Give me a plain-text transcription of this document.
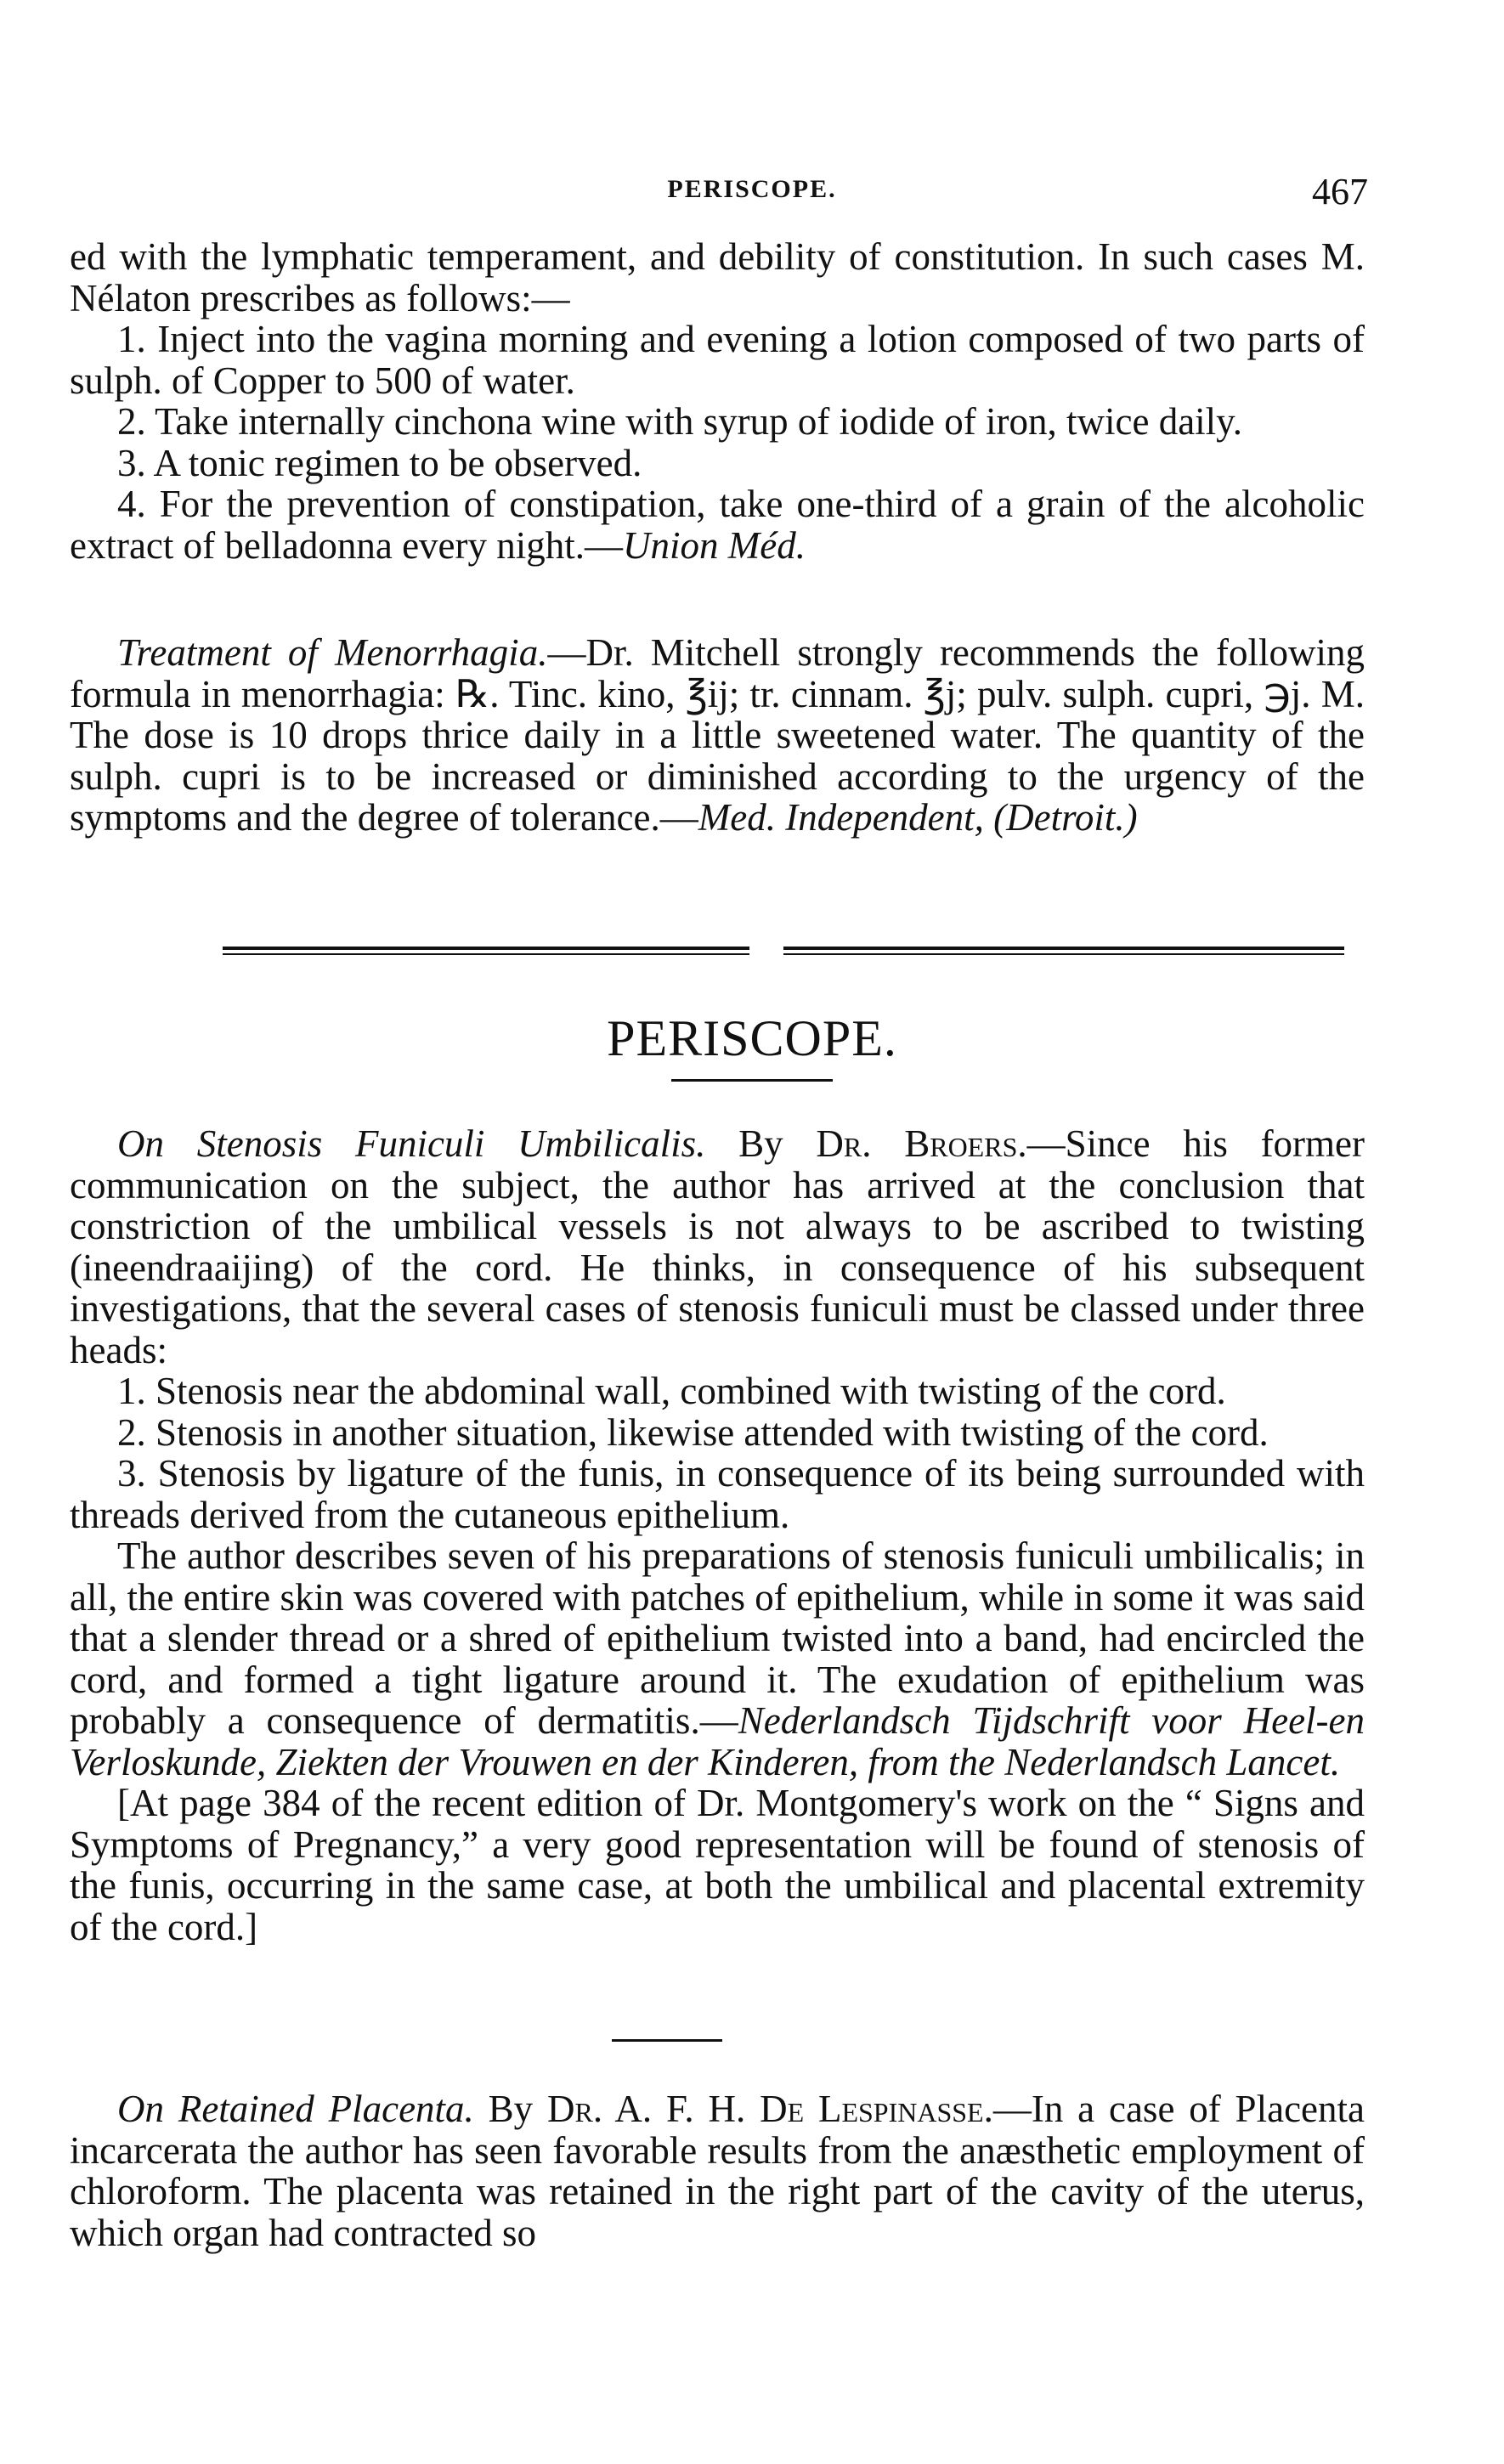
PERISCOPE.	467

ed with the lymphatic temperament, and debility of constitution. In such cases M. Nélaton prescribes as follows:—

1. Inject into the vagina morning and evening a lotion composed of two parts of sulph. of Copper to 500 of water.

2. Take internally cinchona wine with syrup of iodide of iron, twice daily.

3. A tonic regimen to be observed.

4. For the prevention of constipation, take one-third of a grain of the alcoholic extract of belladonna every night.—Union Méd.

Treatment of Menorrhagia.—Dr. Mitchell strongly recommends the following formula in menorrhagia: ℞. Tinc. kino, ℥ij; tr. cinnam. ℥j; pulv. sulph. cupri, ℈j. M. The dose is 10 drops thrice daily in a little sweetened water. The quantity of the sulph. cupri is to be increased or diminished according to the urgency of the symptoms and the degree of tolerance.—Med. Independent, (Detroit.)

PERISCOPE.

On Stenosis Funiculi Umbilicalis. By Dr. Broers.—Since his former communication on the subject, the author has arrived at the conclusion that constriction of the umbilical vessels is not always to be ascribed to twisting (ineendraaijing) of the cord. He thinks, in consequence of his subsequent investigations, that the several cases of stenosis funiculi must be classed under three heads:

1. Stenosis near the abdominal wall, combined with twisting of the cord.

2. Stenosis in another situation, likewise attended with twisting of the cord.

3. Stenosis by ligature of the funis, in consequence of its being surrounded with threads derived from the cutaneous epithelium.

The author describes seven of his preparations of stenosis funiculi umbilicalis; in all, the entire skin was covered with patches of epithelium, while in some it was said that a slender thread or a shred of epithelium twisted into a band, had encircled the cord, and formed a tight ligature around it. The exudation of epithelium was probably a consequence of dermatitis.—Nederlandsch Tijdschrift voor Heel-en Verloskunde, Ziekten der Vrouwen en der Kinderen, from the Nederlandsch Lancet.

[At page 384 of the recent edition of Dr. Montgomery's work on the “ Signs and Symptoms of Pregnancy,” a very good representation will be found of stenosis of the funis, occurring in the same case, at both the umbilical and placental extremity of the cord.]

On Retained Placenta. By Dr. A. F. H. De Lespinasse.—In a case of Placenta incarcerata the author has seen favorable results from the anæsthetic employment of chloroform. The placenta was retained in the right part of the cavity of the uterus, which organ had contracted so
